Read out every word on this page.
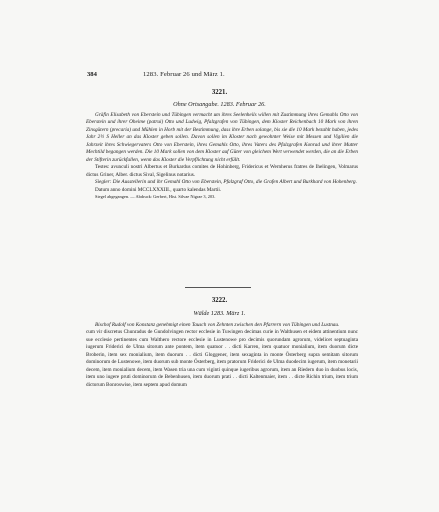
384	1283. Februar 26 und März 1.
3221.
Ohne Ortsangabe. 1283. Februar 26.

Gräfin Elisabeth von Eberstein und Tübingen vermacht um ihres Seelenheils willen mit Zustimmung ihres Gemahls Otto von Eberstein und ihrer Oheime (patrui) Otto und Ludwig, Pfalzgrafen von Tübingen, dem Kloster Reichenbach 10 Mark von ihren Zinsgütern (precaria) und Mühlen in Horb mit der Bestimmung, dass ihre Erben solange, bis sie die 10 Mark bezahlt haben, jedes Jahr 2½ S Heller an das Kloster geben sollen. Davon sollen im Kloster nach gewohnter Weise mit Messen und Vigilien die Jahrzeit ihres Schwiegervaters Otto von Eberstein, ihres Gemahls Otto, ihres Vaters des Pfalzgrafen Konrad und ihrer Mutter Mechtild begangen werden. Die 10 Mark sollen von dem Kloster auf Güter von gleichem Wert verwendet werden, die an die Erben der Stifterin zurückfallen, wenn das Kloster die Verpflichtung nicht erfüllt.

Testes: avunculi nostri Albertus et Burkardus comites de Hohinberg, Fridericus et Wernherus fratres de Ihelingen, Volmarus dictus Griner, Alber. dictus Sival, Sigelinus notarius.

Siegler: Die Ausstellerin und ihr Gemahl Otto von Eberstein, Pfalzgraf Otto, die Grafen Albert und Burkhard von Hohenberg.

Datum anno domini MCCLXXXIII., quarto kalendas Martii.

Siegel abgegangen. — Abdruck: Gerbert, Hist. Silvae Nigrae 3, 203.

3222.
Wälde 1283. März 1.

Bischof Rudolf von Konstanz genehmigt einen Tausch von Zehnten zwischen den Pfarrern von Tübingen und Lustnau.

cum vir discretus Chunradus de Gundolvingen rector ecclesie in Tuwingen decimas curie in Walthusen et eidem attinentium nunc sue ecclesie pertinentes cum Walthero rectore ecclesie in Lustenowe pro decimis quorundam agrorum, videlicet septuaginta iugerum Friderici de Ulma sitorum ante pontem, item quatuor . . dicti Karren, item quatuor monialium, item duorum dicte Broberin, item sex monialium, item duorum . . dicti Gloggener, item sexaginta in monte Österberg supra semitam sitorum dominorum de Lustenowe, item duorum sub monte Österberg, item pratorum Friderici de Ulma duodecim iugerum, item monetarii decem, item monialium decem, item Wasen tria una cum viginti quinque iugeribus agrorum, item an Riedern duo in duobus locis, item uno iugere pruti dominorum de Bebenhusen, item duorum prati . . dicti Kaltenmaier, item . . dicte Richin trium, item trium dictorum Bonroswise, item septem apud domum
